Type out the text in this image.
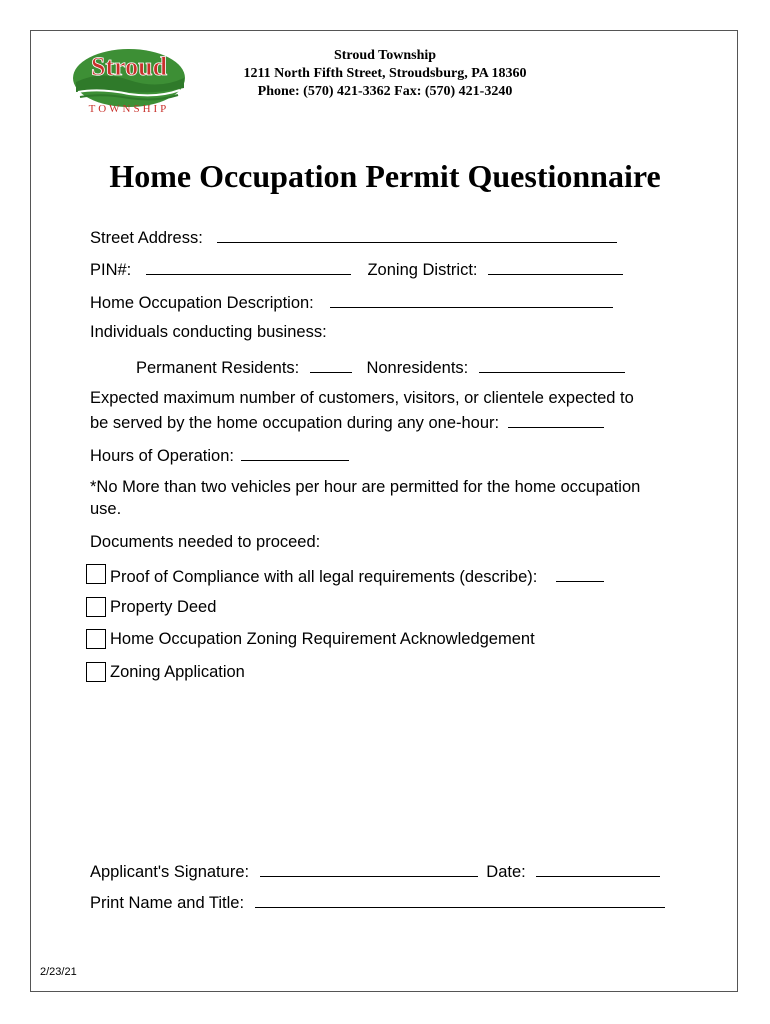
Stroud
TOWNSHIP
Stroud Township
1211 North Fifth Street, Stroudsburg, PA 18360
Phone: (570) 421-3362 Fax: (570) 421-3240
Home Occupation Permit Questionnaire
Street Address:
PIN#:	Zoning District:
Home Occupation Description:
Individuals conducting business:
Permanent Residents:	Nonresidents:
Expected maximum number of customers, visitors, or clientele expected to
be served by the home occupation during any one-hour:
Hours of Operation:
*No More than two vehicles per hour are permitted for the home occupation
use.
Documents needed to proceed:
Proof of Compliance with all legal requirements (describe):
Property Deed
Home Occupation Zoning Requirement Acknowledgement
Zoning Application
Applicant's Signature:	Date:
Print Name and Title:
2/23/21
